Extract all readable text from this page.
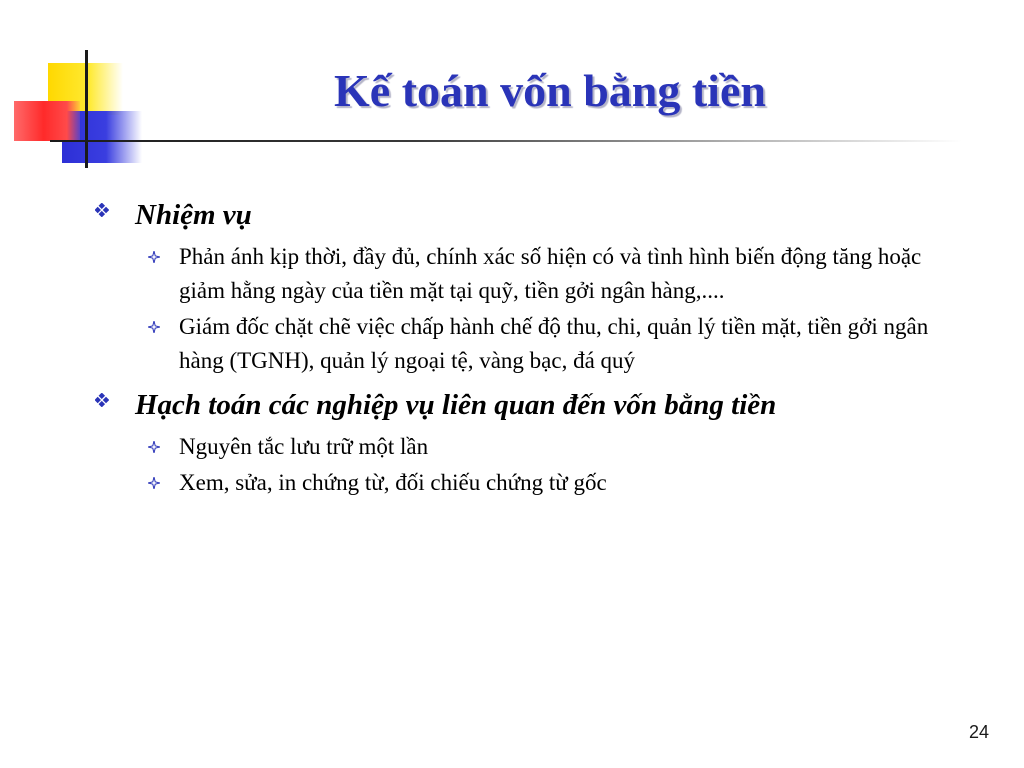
Kế toán vốn bằng tiền
Nhiệm vụ
Phản ánh kịp thời, đầy đủ, chính xác số hiện có và tình hình biến động tăng hoặc giảm hằng ngày của tiền mặt tại quỹ, tiền gởi ngân hàng,....
Giám đốc chặt chẽ việc chấp hành chế độ thu, chi, quản lý tiền mặt, tiền gởi ngân hàng (TGNH), quản lý ngoại tệ, vàng bạc, đá quý
Hạch toán các nghiệp vụ liên quan đến vốn bằng tiền
Nguyên tắc lưu trữ một lần
Xem, sửa, in chứng từ, đối chiếu chứng từ gốc
24
